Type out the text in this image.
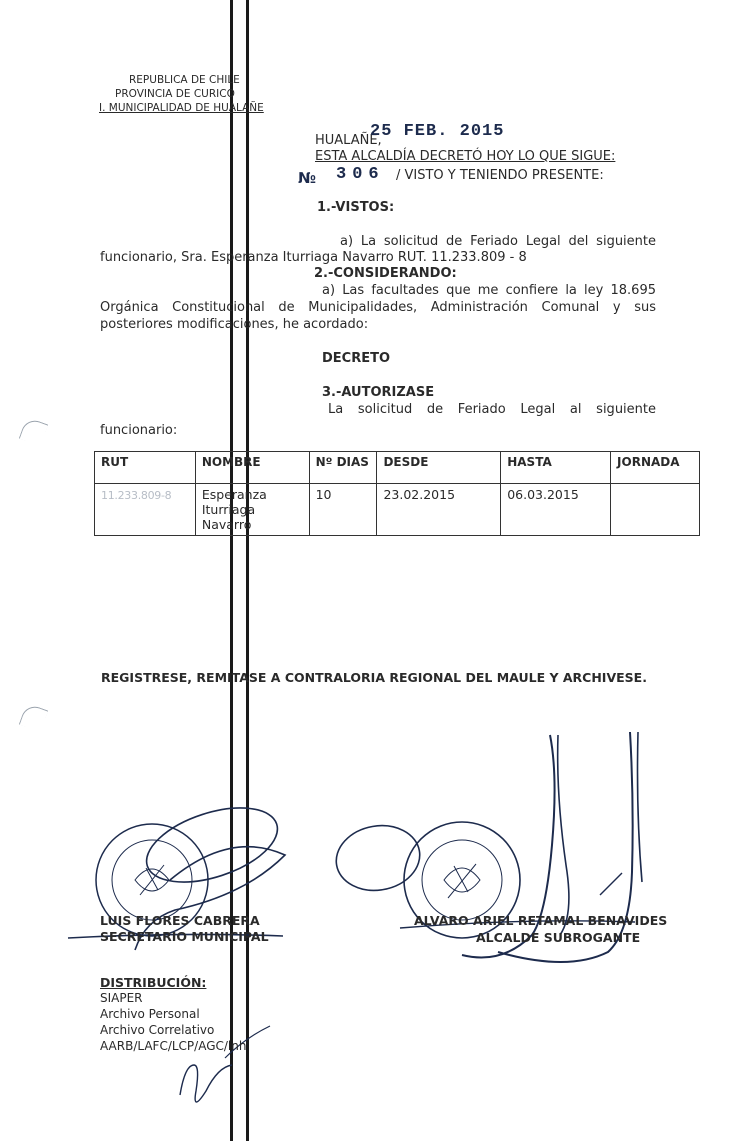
REPUBLICA DE CHILE
PROVINCIA DE CURICO
I. MUNICIPALIDAD DE HUALAÑE
HUALAÑE,
25 FEB. 2015
ESTA ALCALDÍA DECRETÓ HOY LO QUE SIGUE:
№ 306 / VISTO Y TENIENDO PRESENTE:
1.-VISTOS:
a) La solicitud de Feriado Legal del siguiente
funcionario, Sra. Esperanza Iturriaga Navarro RUT. 11.233.809 - 8
2.-CONSIDERANDO:
a) Las facultades que me confiere la ley 18.695
Orgánica Constitucional de Municipalidades, Administración Comunal y sus
posteriores modificaciones, he acordado:
DECRETO
3.-AUTORIZASE
La solicitud de Feriado Legal al siguiente
funcionario:
RUT	NOMBRE	Nº DIAS	DESDE	HASTA	JORNADA
11.233.809-8	Esperanza
Iturriaga
Navarro	10	23.02.2015	06.03.2015	
REGISTRESE, REMITASE A CONTRALORIA REGIONAL DEL MAULE Y ARCHIVESE.
LUIS FLORES CABRERA
SECRETARIO MUNICIPAL
ALVARO ARIEL RETAMAL BENAVIDES
ALCALDE SUBROGANTE
DISTRIBUCIÓN:
SIAPER
Archivo Personal
Archivo Correlativo
AARB/LAFC/LCP/AGC/lnh
